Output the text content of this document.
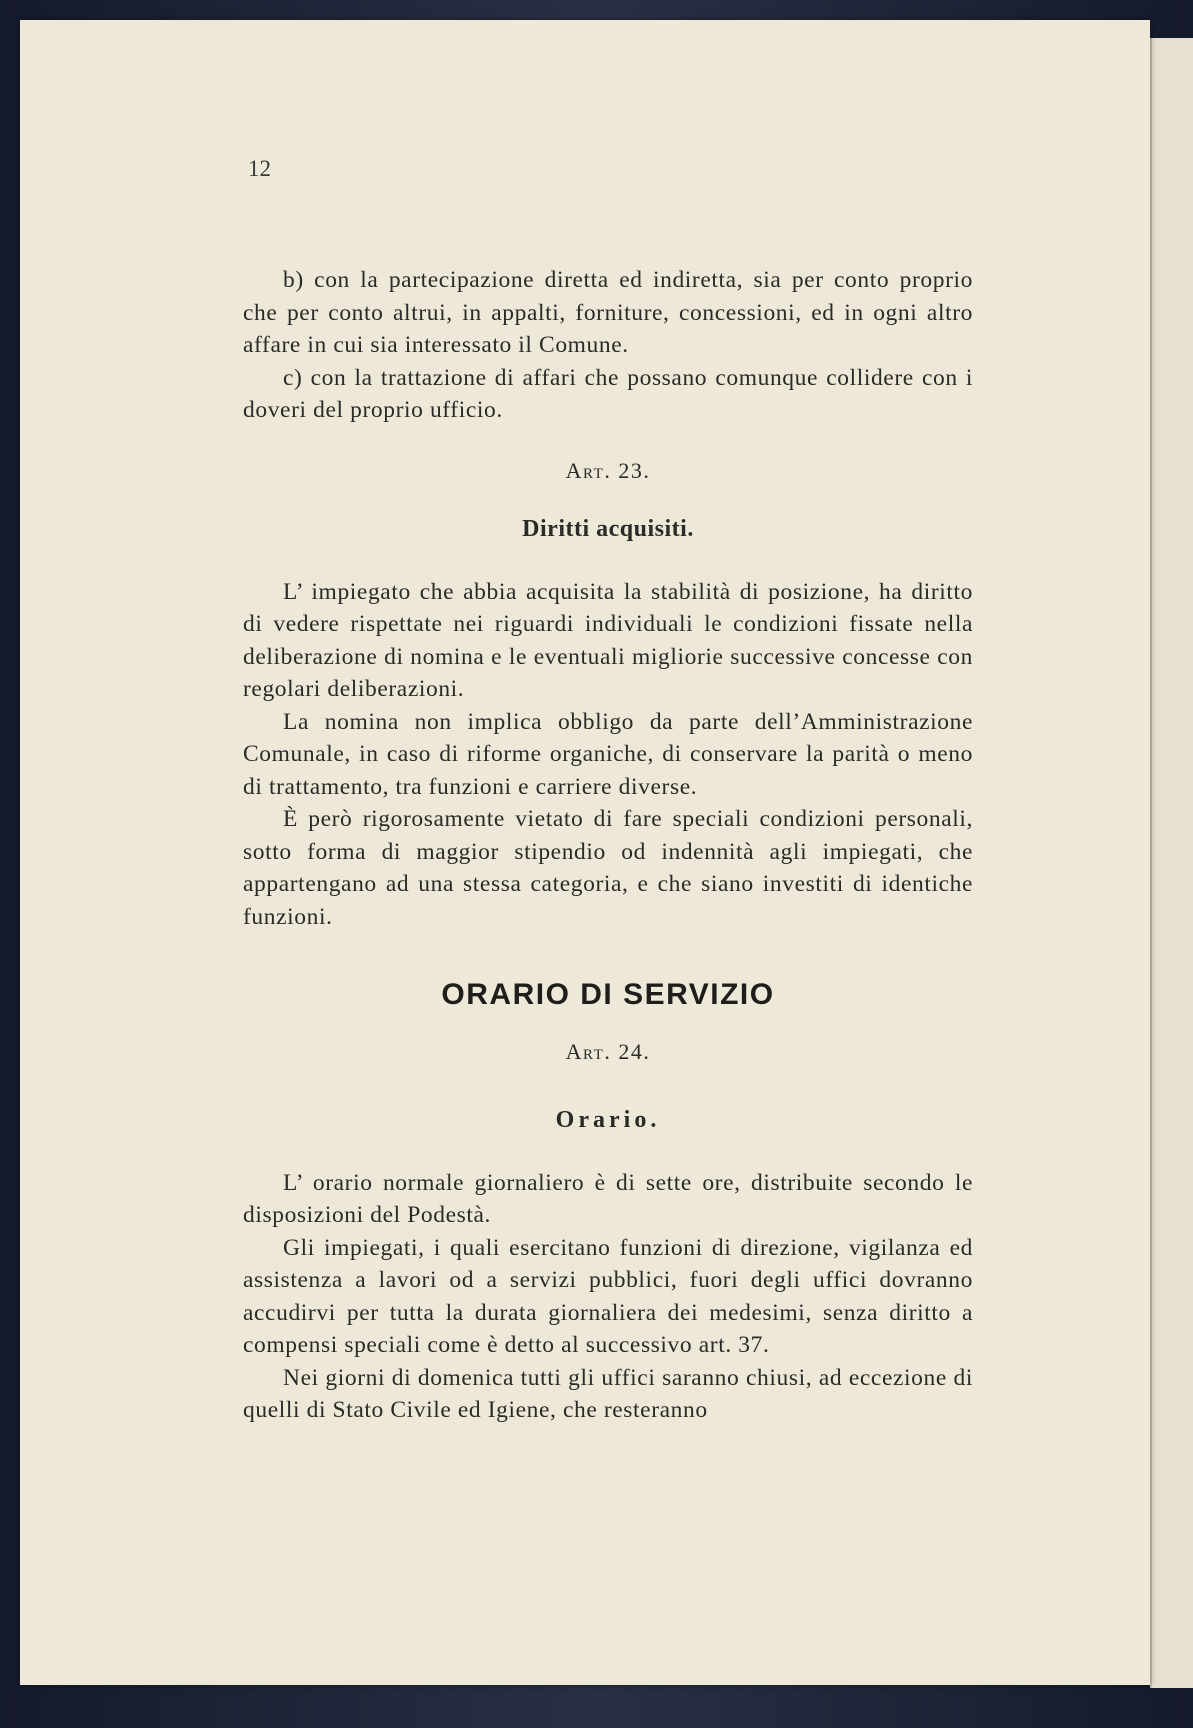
12

b) con la partecipazione diretta ed indiretta, sia per conto proprio che per conto altrui, in appalti, forniture, concessioni, ed in ogni altro affare in cui sia interessato il Comune.

c) con la trattazione di affari che possano comunque collidere con i doveri del proprio ufficio.

Art. 23.
Diritti acquisiti.

L’ impiegato che abbia acquisita la stabilità di posizione, ha diritto di vedere rispettate nei riguardi individuali le condizioni fissate nella deliberazione di nomina e le eventuali migliorie successive concesse con regolari deliberazioni.

La nomina non implica obbligo da parte dell’Amministrazione Comunale, in caso di riforme organiche, di conservare la parità o meno di trattamento, tra funzioni e carriere diverse.

È però rigorosamente vietato di fare speciali condizioni personali, sotto forma di maggior stipendio od indennità agli impiegati, che appartengano ad una stessa categoria, e che siano investiti di identiche funzioni.

ORARIO DI SERVIZIO
Art. 24.
Orario.

L’ orario normale giornaliero è di sette ore, distribuite secondo le disposizioni del Podestà.

Gli impiegati, i quali esercitano funzioni di direzione, vigilanza ed assistenza a lavori od a servizi pubblici, fuori degli uffici dovranno accudirvi per tutta la durata giornaliera dei medesimi, senza diritto a compensi speciali come è detto al successivo art. 37.

Nei giorni di domenica tutti gli uffici saranno chiusi, ad eccezione di quelli di Stato Civile ed Igiene, che resteranno
